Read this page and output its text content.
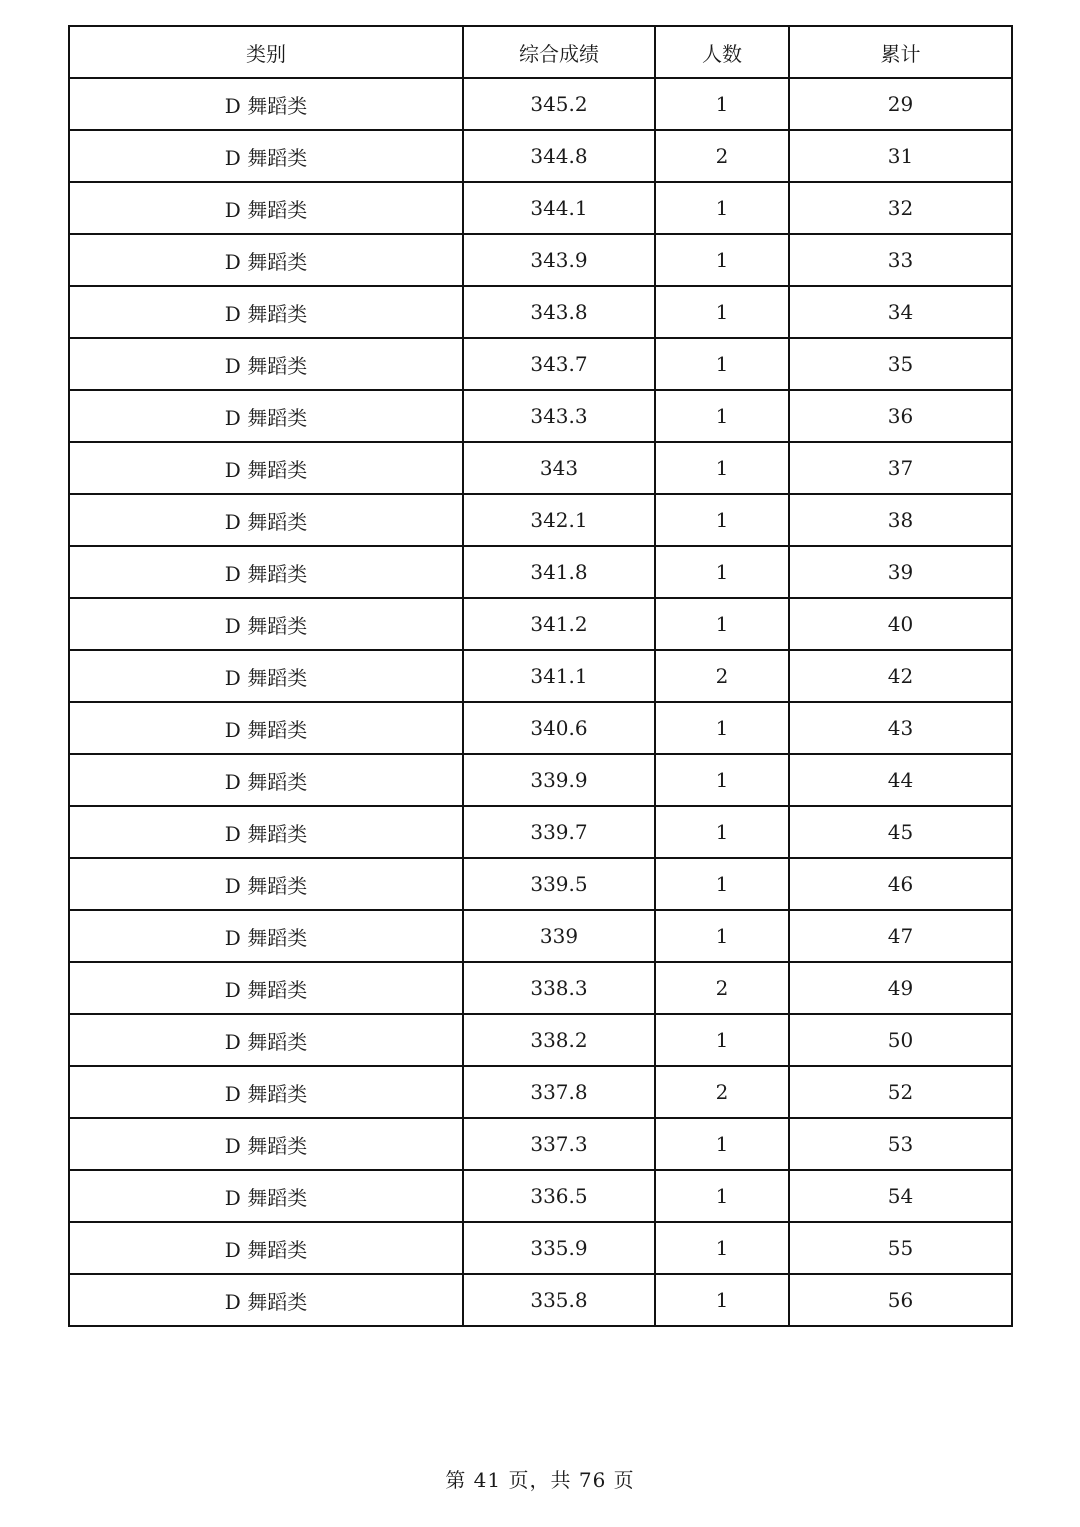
类别	综合成绩	人数	累计
D 舞蹈类	345.2	1	29
D 舞蹈类	344.8	2	31
D 舞蹈类	344.1	1	32
D 舞蹈类	343.9	1	33
D 舞蹈类	343.8	1	34
D 舞蹈类	343.7	1	35
D 舞蹈类	343.3	1	36
D 舞蹈类	343	1	37
D 舞蹈类	342.1	1	38
D 舞蹈类	341.8	1	39
D 舞蹈类	341.2	1	40
D 舞蹈类	341.1	2	42
D 舞蹈类	340.6	1	43
D 舞蹈类	339.9	1	44
D 舞蹈类	339.7	1	45
D 舞蹈类	339.5	1	46
D 舞蹈类	339	1	47
D 舞蹈类	338.3	2	49
D 舞蹈类	338.2	1	50
D 舞蹈类	337.8	2	52
D 舞蹈类	337.3	1	53
D 舞蹈类	336.5	1	54
D 舞蹈类	335.9	1	55
D 舞蹈类	335.8	1	56
第 41 页，共 76 页
